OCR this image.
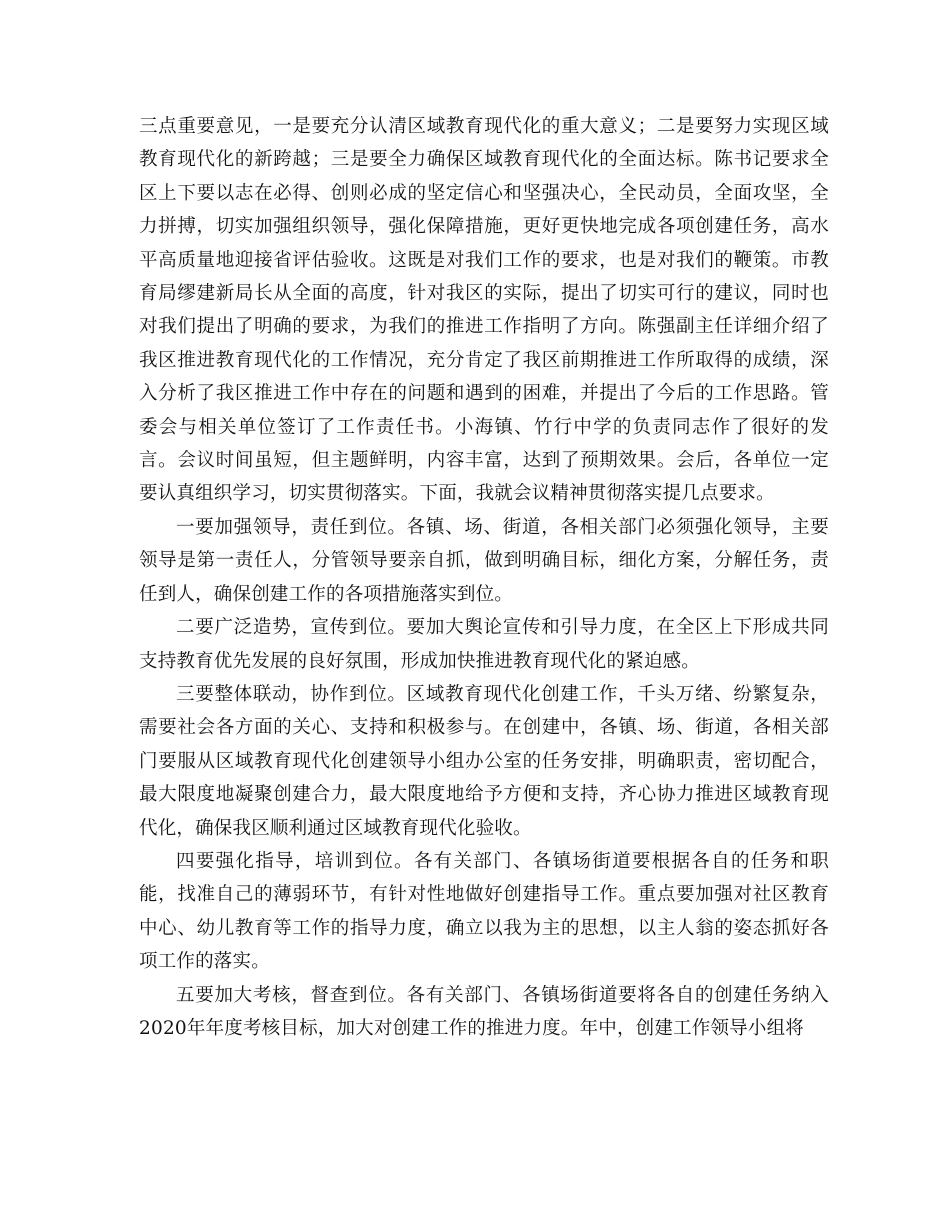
三点重要意见，一是要充分认清区域教育现代化的重大意义；二是要努力实现区域教育现代化的新跨越；三是要全力确保区域教育现代化的全面达标。陈书记要求全区上下要以志在必得、创则必成的坚定信心和坚强决心，全民动员，全面攻坚，全力拼搏，切实加强组织领导，强化保障措施，更好更快地完成各项创建任务，高水平高质量地迎接省评估验收。这既是对我们工作的要求，也是对我们的鞭策。市教育局缪建新局长从全面的高度，针对我区的实际，提出了切实可行的建议，同时也对我们提出了明确的要求，为我们的推进工作指明了方向。陈强副主任详细介绍了我区推进教育现代化的工作情况，充分肯定了我区前期推进工作所取得的成绩，深入分析了我区推进工作中存在的问题和遇到的困难，并提出了今后的工作思路。管委会与相关单位签订了工作责任书。小海镇、竹行中学的负责同志作了很好的发言。会议时间虽短，但主题鲜明，内容丰富，达到了预期效果。会后，各单位一定要认真组织学习，切实贯彻落实。下面，我就会议精神贯彻落实提几点要求。

一要加强领导，责任到位。各镇、场、街道，各相关部门必须强化领导，主要领导是第一责任人，分管领导要亲自抓，做到明确目标，细化方案，分解任务，责任到人，确保创建工作的各项措施落实到位。

二要广泛造势，宣传到位。要加大舆论宣传和引导力度，在全区上下形成共同支持教育优先发展的良好氛围，形成加快推进教育现代化的紧迫感。

三要整体联动，协作到位。区域教育现代化创建工作，千头万绪、纷繁复杂，需要社会各方面的关心、支持和积极参与。在创建中，各镇、场、街道，各相关部门要服从区域教育现代化创建领导小组办公室的任务安排，明确职责，密切配合，最大限度地凝聚创建合力，最大限度地给予方便和支持，齐心协力推进区域教育现代化，确保我区顺利通过区域教育现代化验收。

四要强化指导，培训到位。各有关部门、各镇场街道要根据各自的任务和职能，找准自己的薄弱环节，有针对性地做好创建指导工作。重点要加强对社区教育中心、幼儿教育等工作的指导力度，确立以我为主的思想，以主人翁的姿态抓好各项工作的落实。

五要加大考核，督查到位。各有关部门、各镇场街道要将各自的创建任务纳入2020年年度考核目标，加大对创建工作的推进力度。年中，创建工作领导小组将
